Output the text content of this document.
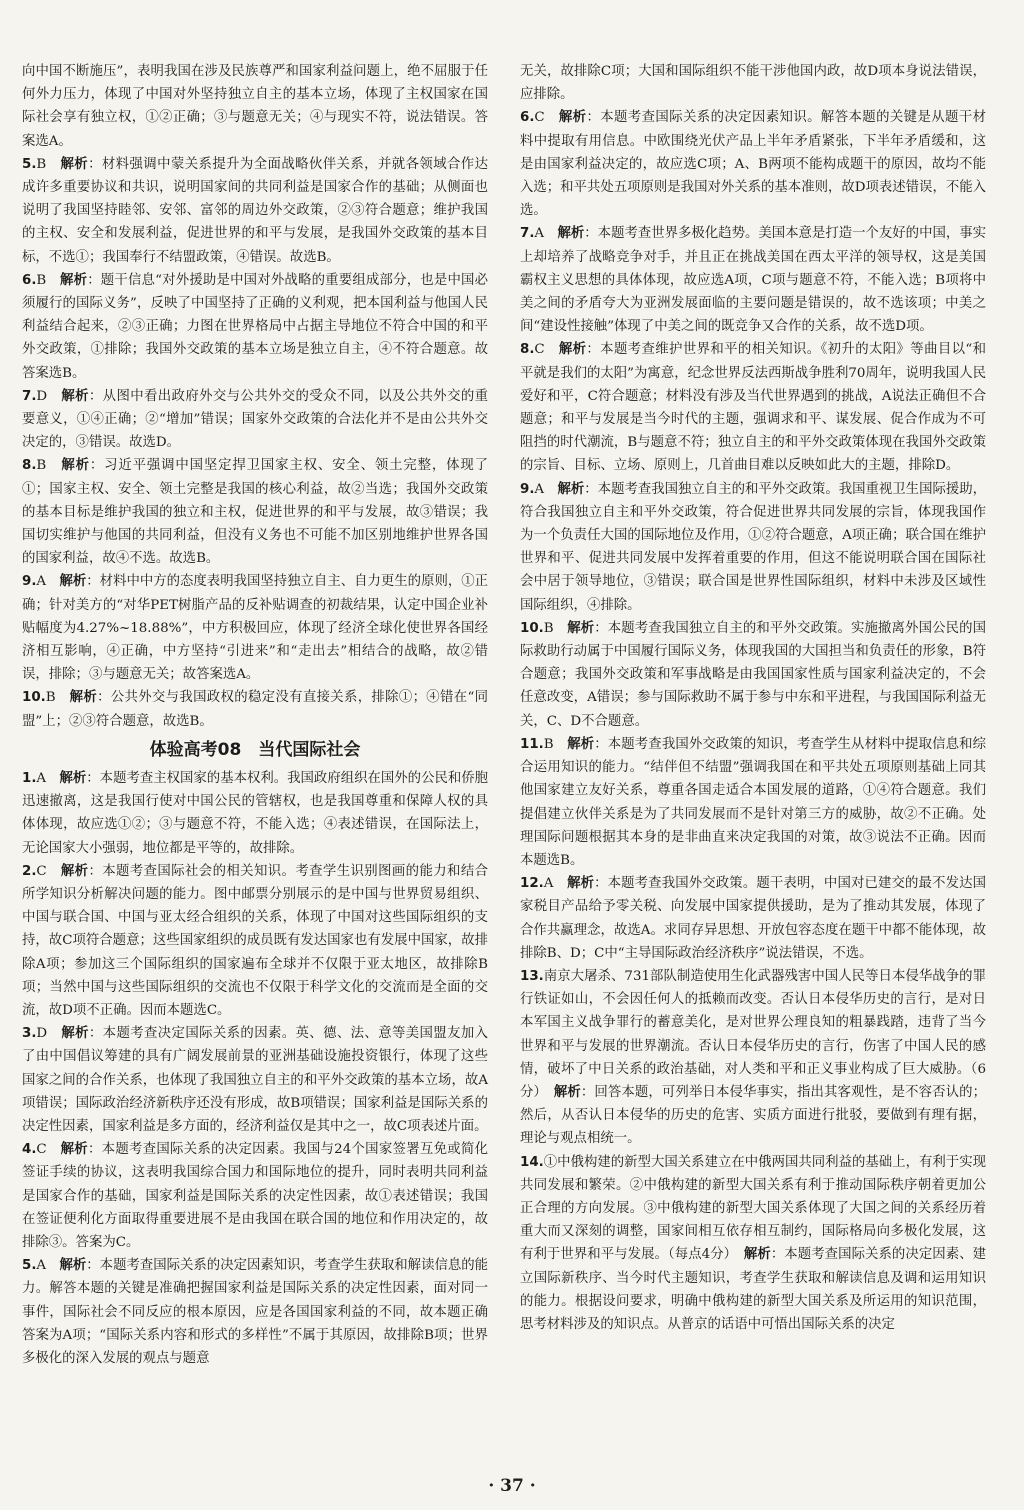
向中国不断施压”，表明我国在涉及民族尊严和国家利益问题上，绝不屈服于任何外力压力，体现了中国对外坚持独立自主的基本立场，体现了主权国家在国际社会享有独立权，①②正确；③与题意无关；④与现实不符，说法错误。答案选A。

5.B　 解析：材料强调中蒙关系提升为全面战略伙伴关系，并就各领域合作达成许多重要协议和共识，说明国家间的共同利益是国家合作的基础；从侧面也说明了我国坚持睦邻、安邻、富邻的周边外交政策，②③符合题意；维护我国的主权、安全和发展利益，促进世界的和平与发展，是我国外交政策的基本目标，不选①；我国奉行不结盟政策，④错误。故选B。

6.B　 解析：题干信息“对外援助是中国对外战略的重要组成部分，也是中国必须履行的国际义务”，反映了中国坚持了正确的义利观，把本国利益与他国人民利益结合起来，②③正确；力图在世界格局中占据主导地位不符合中国的和平外交政策，①排除；我国外交政策的基本立场是独立自主，④不符合题意。故答案选B。

7.D　 解析：从图中看出政府外交与公共外交的受众不同，以及公共外交的重要意义，①④正确；②“增加”错误；国家外交政策的合法化并不是由公共外交决定的，③错误。故选D。

8.B　 解析：习近平强调中国坚定捍卫国家主权、安全、领土完整，体现了①；国家主权、安全、领土完整是我国的核心利益，故②当选；我国外交政策的基本目标是维护我国的独立和主权，促进世界的和平与发展，故③错误；我国切实维护与他国的共同利益，但没有义务也不可能不加区别地维护世界各国的国家利益，故④不选。故选B。

9.A　 解析：材料中中方的态度表明我国坚持独立自主、自力更生的原则，①正确；针对美方的“对华PET树脂产品的反补贴调查的初裁结果，认定中国企业补贴幅度为4.27%~18.88%”，中方积极回应，体现了经济全球化使世界各国经济相互影响，④正确，中方坚持“引进来”和“走出去”相结合的战略，故②错误，排除；③与题意无关；故答案选A。

10.B　 解析：公共外交与我国政权的稳定没有直接关系，排除①；④错在“同盟”上；②③符合题意，故选B。

体验高考08　当代国际社会

1.A　 解析：本题考查主权国家的基本权利。我国政府组织在国外的公民和侨胞迅速撤离，这是我国行使对中国公民的管辖权，也是我国尊重和保障人权的具体体现，故应选①②；③与题意不符，不能入选；④表述错误，在国际法上，无论国家大小强弱，地位都是平等的，故排除。

2.C　 解析：本题考查国际社会的相关知识。考查学生识别图画的能力和结合所学知识分析解决问题的能力。图中邮票分别展示的是中国与世界贸易组织、中国与联合国、中国与亚太经合组织的关系，体现了中国对这些国际组织的支持，故C项符合题意；这些国家组织的成员既有发达国家也有发展中国家，故排除A项；参加这三个国际组织的国家遍布全球并不仅限于亚太地区，故排除B项；当然中国与这些国际组织的交流也不仅限于科学文化的交流而是全面的交流，故D项不正确。因而本题选C。

3.D　 解析：本题考查决定国际关系的因素。英、德、法、意等美国盟友加入了由中国倡议筹建的具有广阔发展前景的亚洲基础设施投资银行，体现了这些国家之间的合作关系，也体现了我国独立自主的和平外交政策的基本立场，故A项错误；国际政治经济新秩序还没有形成，故B项错误；国家利益是国际关系的决定性因素，国家利益是多方面的，经济利益仅是其中之一，故C项表述片面。

4.C　 解析：本题考查国际关系的决定因素。我国与24个国家签署互免或简化签证手续的协议，这表明我国综合国力和国际地位的提升，同时表明共同利益是国家合作的基础，国家利益是国际关系的决定性因素，故①表述错误；我国在签证便利化方面取得重要进展不是由我国在联合国的地位和作用决定的，故排除③。答案为C。

5.A　 解析：本题考查国际关系的决定因素知识，考查学生获取和解读信息的能力。解答本题的关键是准确把握国家利益是国际关系的决定性因素，面对同一事件，国际社会不同反应的根本原因，应是各国国家利益的不同，故本题正确答案为A项；“国际关系内容和形式的多样性”不属于其原因，故排除B项；世界多极化的深入发展的观点与题意

无关，故排除C项；大国和国际组织不能干涉他国内政，故D项本身说法错误，应排除。

6.C　 解析：本题考查国际关系的决定因素知识。解答本题的关键是从题干材料中提取有用信息。中欧围绕光伏产品上半年矛盾紧张，下半年矛盾缓和，这是由国家利益决定的，故应选C项；A、B两项不能构成题干的原因，故均不能入选；和平共处五项原则是我国对外关系的基本准则，故D项表述错误，不能入选。

7.A　 解析：本题考查世界多极化趋势。美国本意是打造一个友好的中国，事实上却培养了战略竞争对手，并且正在挑战美国在西太平洋的领导权，这是美国霸权主义思想的具体体现，故应选A项，C项与题意不符，不能入选；B项将中美之间的矛盾夸大为亚洲发展面临的主要问题是错误的，故不选该项；中美之间“建设性接触”体现了中美之间的既竞争又合作的关系，故不选D项。

8.C　 解析：本题考查维护世界和平的相关知识。《初升的太阳》等曲目以“和平就是我们的太阳”为寓意，纪念世界反法西斯战争胜利70周年，说明我国人民爱好和平，C符合题意；材料没有涉及当代世界遇到的挑战，A说法正确但不合题意；和平与发展是当今时代的主题，强调求和平、谋发展、促合作成为不可阻挡的时代潮流，B与题意不符；独立自主的和平外交政策体现在我国外交政策的宗旨、目标、立场、原则上，几首曲目难以反映如此大的主题，排除D。

9.A　 解析：本题考查我国独立自主的和平外交政策。我国重视卫生国际援助，符合我国独立自主和平外交政策，符合促进世界共同发展的宗旨，体现我国作为一个负责任大国的国际地位及作用，①②符合题意，A项正确；联合国在维护世界和平、促进共同发展中发挥着重要的作用，但这不能说明联合国在国际社会中居于领导地位，③错误；联合国是世界性国际组织，材料中未涉及区域性国际组织，④排除。

10.B　 解析：本题考查我国独立自主的和平外交政策。实施撤离外国公民的国际救助行动属于中国履行国际义务，体现我国的大国担当和负责任的形象，B符合题意；我国外交政策和军事战略是由我国国家性质与国家利益决定的，不会任意改变，A错误；参与国际救助不属于参与中东和平进程，与我国国际利益无关，C、D不合题意。

11.B　 解析：本题考查我国外交政策的知识，考查学生从材料中提取信息和综合运用知识的能力。“结伴但不结盟”强调我国在和平共处五项原则基础上同其他国家建立友好关系，尊重各国走适合本国发展的道路，①④符合题意。我们提倡建立伙伴关系是为了共同发展而不是针对第三方的威胁，故②不正确。处理国际问题根据其本身的是非曲直来决定我国的对策，故③说法不正确。因而本题选B。

12.A　 解析：本题考查我国外交政策。题干表明，中国对已建交的最不发达国家税目产品给予零关税、向发展中国家提供援助，是为了推动其发展，体现了合作共赢理念，故选A。求同存异思想、开放包容态度在题干中都不能体现，故排除B、D；C中“主导国际政治经济秩序”说法错误，不选。

13.南京大屠杀、731部队制造使用生化武器残害中国人民等日本侵华战争的罪行铁证如山，不会因任何人的抵赖而改变。否认日本侵华历史的言行，是对日本军国主义战争罪行的蓄意美化，是对世界公理良知的粗暴践踏，违背了当今世界和平与发展的世界潮流。否认日本侵华历史的言行，伤害了中国人民的感情，破坏了中日关系的政治基础，对人类和平和正义事业构成了巨大威胁。（6分）　 解析：回答本题，可列举日本侵华事实，指出其客观性，是不容否认的；然后，从否认日本侵华的历史的危害、实质方面进行批驳，要做到有理有据，理论与观点相统一。

14.①中俄构建的新型大国关系建立在中俄两国共同利益的基础上，有利于实现共同发展和繁荣。②中俄构建的新型大国关系有利于推动国际秩序朝着更加公正合理的方向发展。③中俄构建的新型大国关系体现了大国之间的关系经历着重大而又深刻的调整，国家间相互依存相互制约，国际格局向多极化发展，这有利于世界和平与发展。（每点4分）　 解析：本题考查国际关系的决定因素、建立国际新秩序、当今时代主题知识，考查学生获取和解读信息及调和运用知识的能力。根据设问要求，明确中俄构建的新型大国关系及所运用的知识范围，思考材料涉及的知识点。从普京的话语中可悟出国际关系的决定

· 37 ·
